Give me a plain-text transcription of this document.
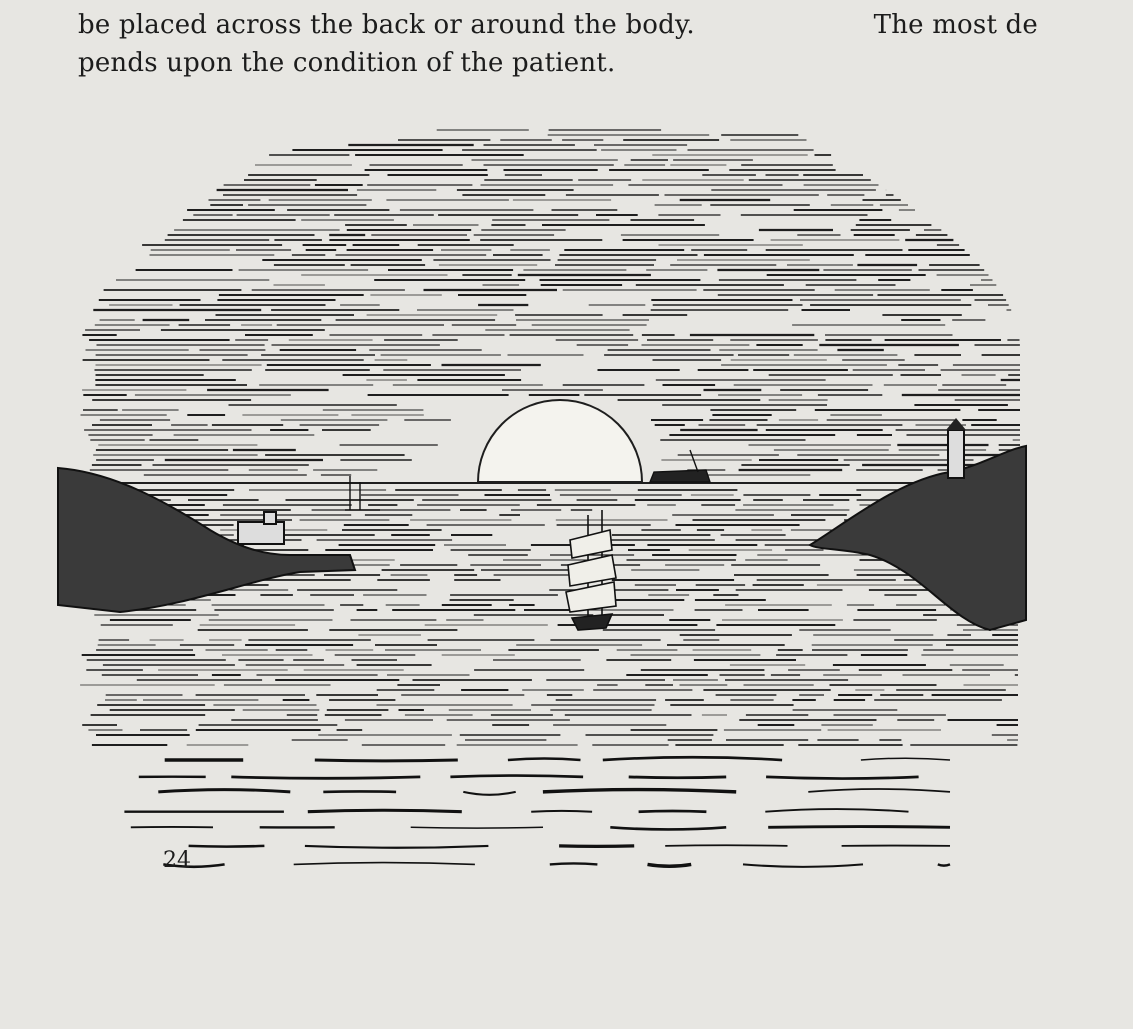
be placed across the back or around the body.	The most de
pends upon the condition of the patient.
24
